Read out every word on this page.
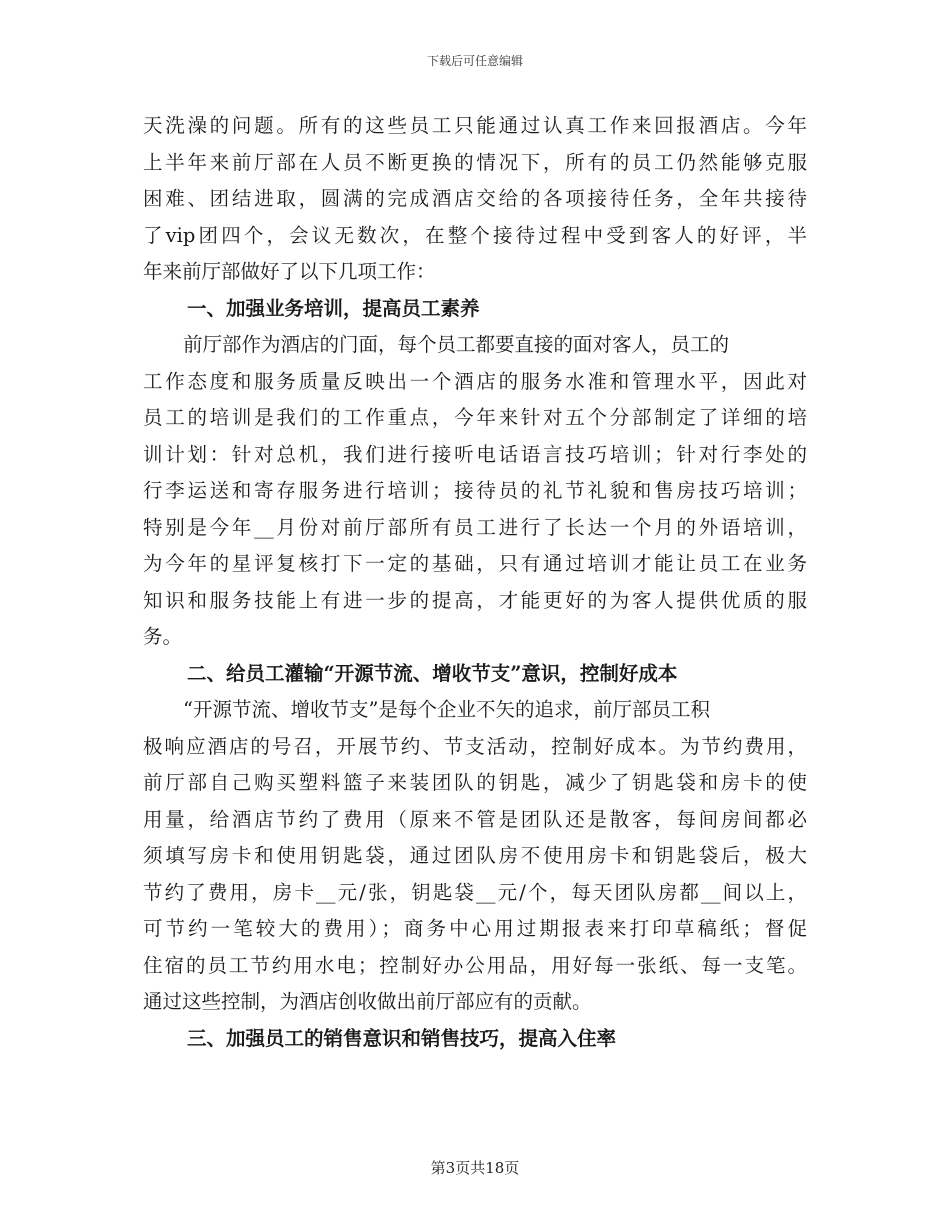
下载后可任意编辑
天洗澡的问题。所有的这些员工只能通过认真工作来回报酒店。今年
上半年来前厅部在人员不断更换的情况下，所有的员工仍然能够克服
困难、团结进取，圆满的完成酒店交给的各项接待任务，全年共接待
了vip团四个，会议无数次，在整个接待过程中受到客人的好评，半
年来前厅部做好了以下几项工作：
一、加强业务培训，提高员工素养
前厅部作为酒店的门面，每个员工都要直接的面对客人，员工的
工作态度和服务质量反映出一个酒店的服务水准和管理水平，因此对
员工的培训是我们的工作重点，今年来针对五个分部制定了详细的培
训计划：针对总机，我们进行接听电话语言技巧培训；针对行李处的
行李运送和寄存服务进行培训；接待员的礼节礼貌和售房技巧培训；
特别是今年__月份对前厅部所有员工进行了长达一个月的外语培训，
为今年的星评复核打下一定的基础，只有通过培训才能让员工在业务
知识和服务技能上有进一步的提高，才能更好的为客人提供优质的服
务。
二、给员工灌输“开源节流、增收节支”意识，控制好成本
“开源节流、增收节支”是每个企业不矢的追求，前厅部员工积
极响应酒店的号召，开展节约、节支活动，控制好成本。为节约费用，
前厅部自己购买塑料篮子来装团队的钥匙，减少了钥匙袋和房卡的使
用量，给酒店节约了费用（原来不管是团队还是散客，每间房间都必
须填写房卡和使用钥匙袋，通过团队房不使用房卡和钥匙袋后，极大
节约了费用，房卡__元/张，钥匙袋__元/个，每天团队房都__间以上，
可节约一笔较大的费用）；商务中心用过期报表来打印草稿纸；督促
住宿的员工节约用水电；控制好办公用品，用好每一张纸、每一支笔。
通过这些控制，为酒店创收做出前厅部应有的贡献。
三、加强员工的销售意识和销售技巧，提高入住率
第3页共18页
